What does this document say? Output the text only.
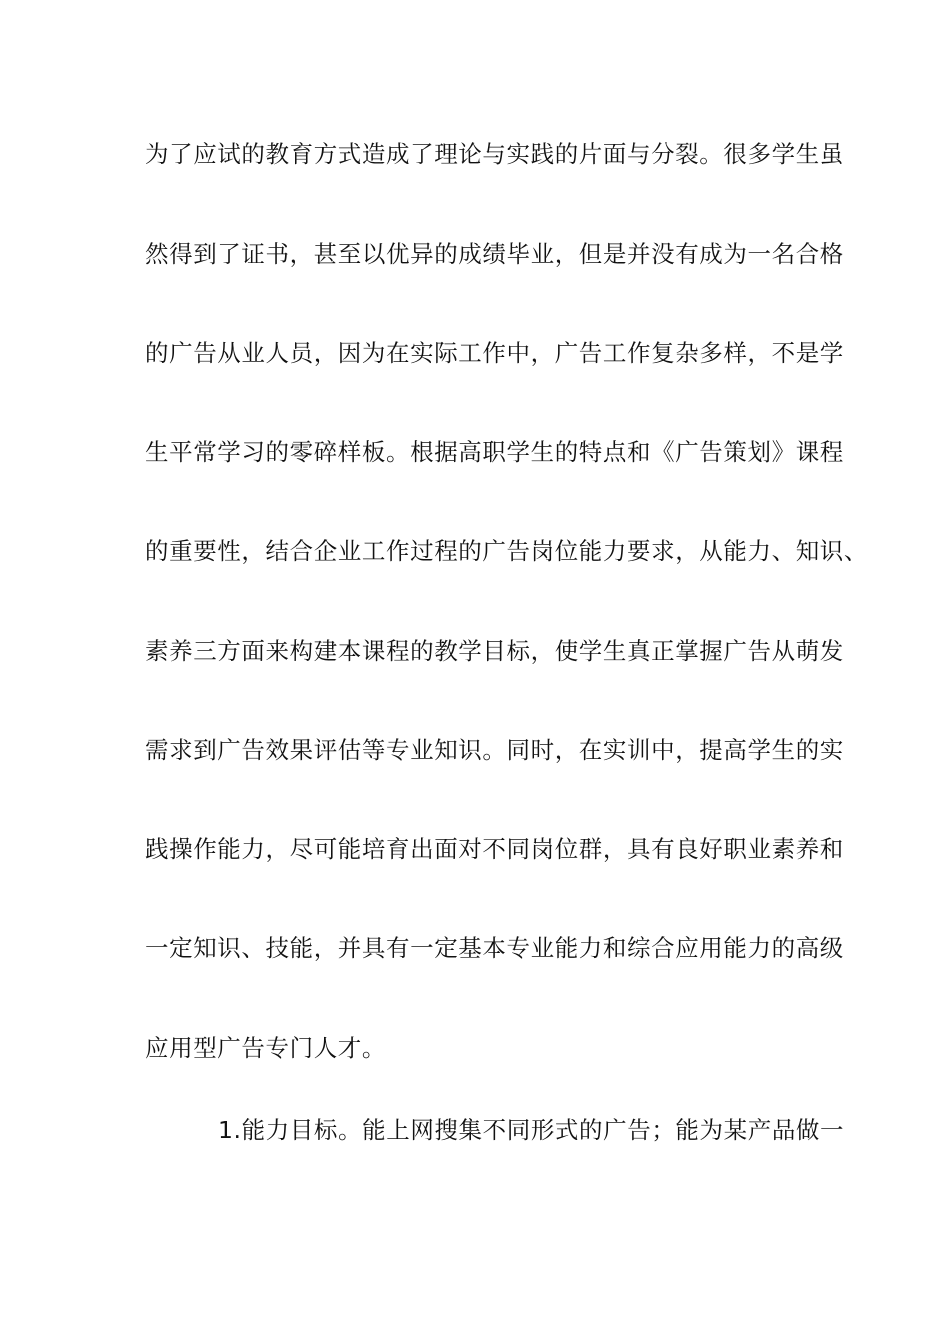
为了应试的教育方式造成了理论与实践的片面与分裂。很多学生虽
然得到了证书，甚至以优异的成绩毕业，但是并没有成为一名合格
的广告从业人员，因为在实际工作中，广告工作复杂多样，不是学
生平常学习的零碎样板。根据高职学生的特点和《广告策划》课程
的重要性，结合企业工作过程的广告岗位能力要求，从能力、知识、
素养三方面来构建本课程的教学目标，使学生真正掌握广告从萌发
需求到广告效果评估等专业知识。同时，在实训中，提高学生的实
践操作能力，尽可能培育出面对不同岗位群，具有良好职业素养和
一定知识、技能，并具有一定基本专业能力和综合应用能力的高级
应用型广告专门人才。
1.能力目标。能上网搜集不同形式的广告；能为某产品做一
